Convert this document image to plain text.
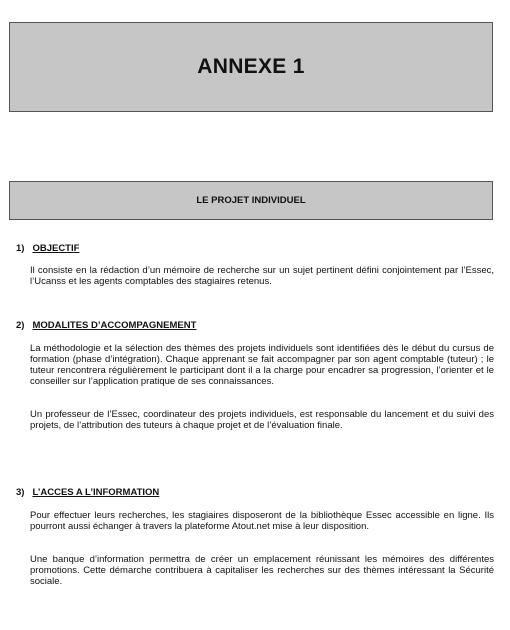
ANNEXE 1
LE PROJET INDIVIDUEL
1) OBJECTIF

Il consiste en la rédaction d’un mémoire de recherche sur un sujet pertinent défini conjointement par l’Essec, l’Ucanss et les agents comptables des stagiaires retenus.

2) MODALITES D’ACCOMPAGNEMENT

La méthodologie et la sélection des thèmes des projets individuels sont identifiées dès le début du cursus de formation (phase d’intégration). Chaque apprenant se fait accompagner par son agent comptable (tuteur) ; le tuteur rencontrera régulièrement le participant dont il a la charge pour encadrer sa progression, l’orienter et le conseiller sur l’application pratique de ses connaissances.

Un professeur de l’Essec, coordinateur des projets individuels, est responsable du lancement et du suivi des projets, de l’attribution des tuteurs à chaque projet et de l’évaluation finale.

3) L’ACCES A L’INFORMATION

Pour effectuer leurs recherches, les stagiaires disposeront de la bibliothèque Essec accessible en ligne. Ils pourront aussi échanger à travers la plateforme Atout.net mise à leur disposition.

Une banque d’information permettra de créer un emplacement réunissant les mémoires des différentes promotions. Cette démarche contribuera à capitaliser les recherches sur des thèmes intéressant la Sécurité sociale.
